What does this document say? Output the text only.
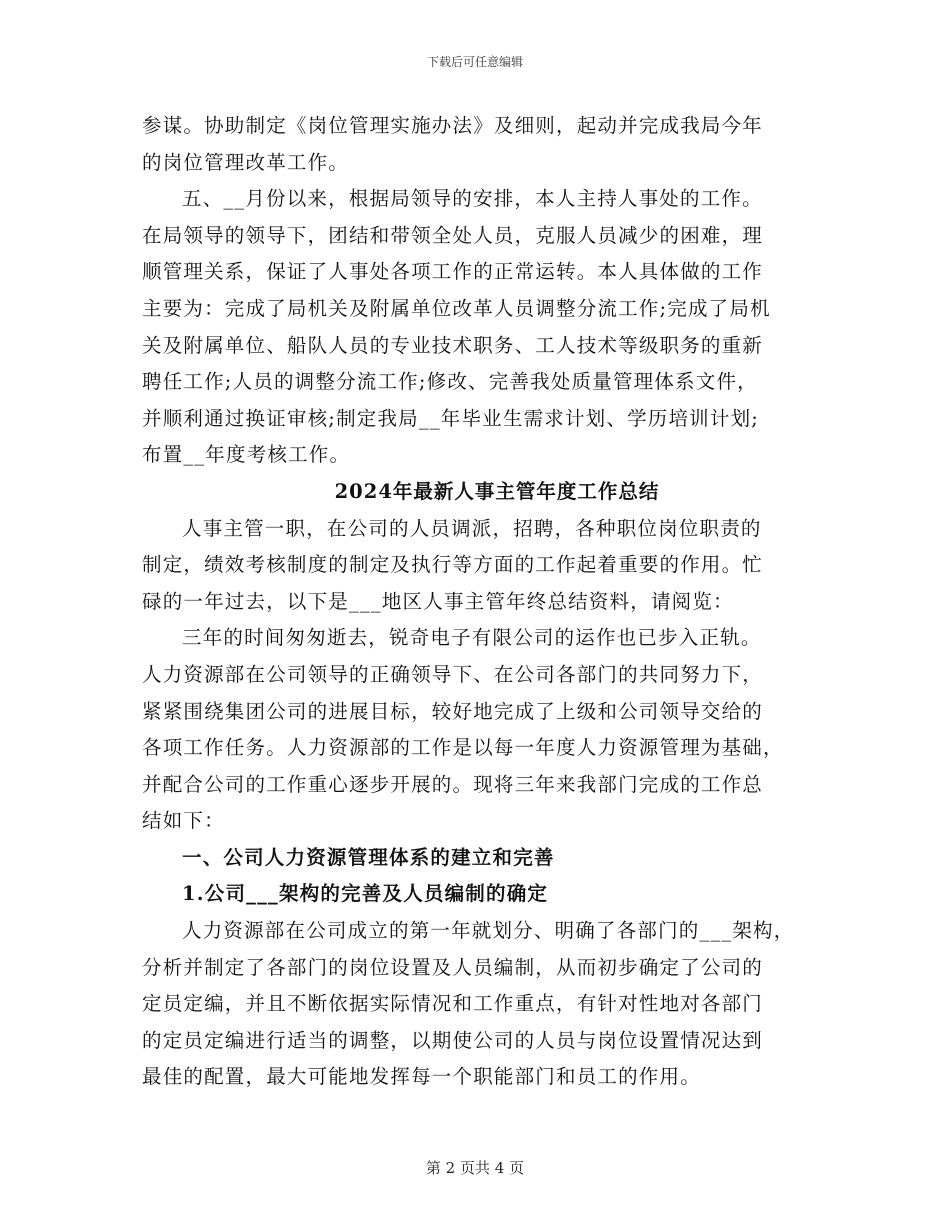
下载后可任意编辑
参谋。协助制定《岗位管理实施办法》及细则，起动并完成我局今年
的岗位管理改革工作。
五、__月份以来，根据局领导的安排，本人主持人事处的工作。
在局领导的领导下，团结和带领全处人员，克服人员减少的困难，理
顺管理关系，保证了人事处各项工作的正常运转。本人具体做的工作
主要为：完成了局机关及附属单位改革人员调整分流工作;完成了局机
关及附属单位、船队人员的专业技术职务、工人技术等级职务的重新
聘任工作;人员的调整分流工作;修改、完善我处质量管理体系文件，
并顺利通过换证审核;制定我局__年毕业生需求计划、学历培训计划;
布置__年度考核工作。
2024年最新人事主管年度工作总结
人事主管一职，在公司的人员调派，招聘，各种职位岗位职责的
制定，绩效考核制度的制定及执行等方面的工作起着重要的作用。忙
碌的一年过去，以下是___地区人事主管年终总结资料，请阅览：
三年的时间匆匆逝去，锐奇电子有限公司的运作也已步入正轨。
人力资源部在公司领导的正确领导下、在公司各部门的共同努力下，
紧紧围绕集团公司的进展目标，较好地完成了上级和公司领导交给的
各项工作任务。人力资源部的工作是以每一年度人力资源管理为基础，
并配合公司的工作重心逐步开展的。现将三年来我部门完成的工作总
结如下：
一、公司人力资源管理体系的建立和完善
1.公司___架构的完善及人员编制的确定
人力资源部在公司成立的第一年就划分、明确了各部门的___架构，
分析并制定了各部门的岗位设置及人员编制，从而初步确定了公司的
定员定编，并且不断依据实际情况和工作重点，有针对性地对各部门
的定员定编进行适当的调整，以期使公司的人员与岗位设置情况达到
最佳的配置，最大可能地发挥每一个职能部门和员工的作用。
第 2 页共 4 页
